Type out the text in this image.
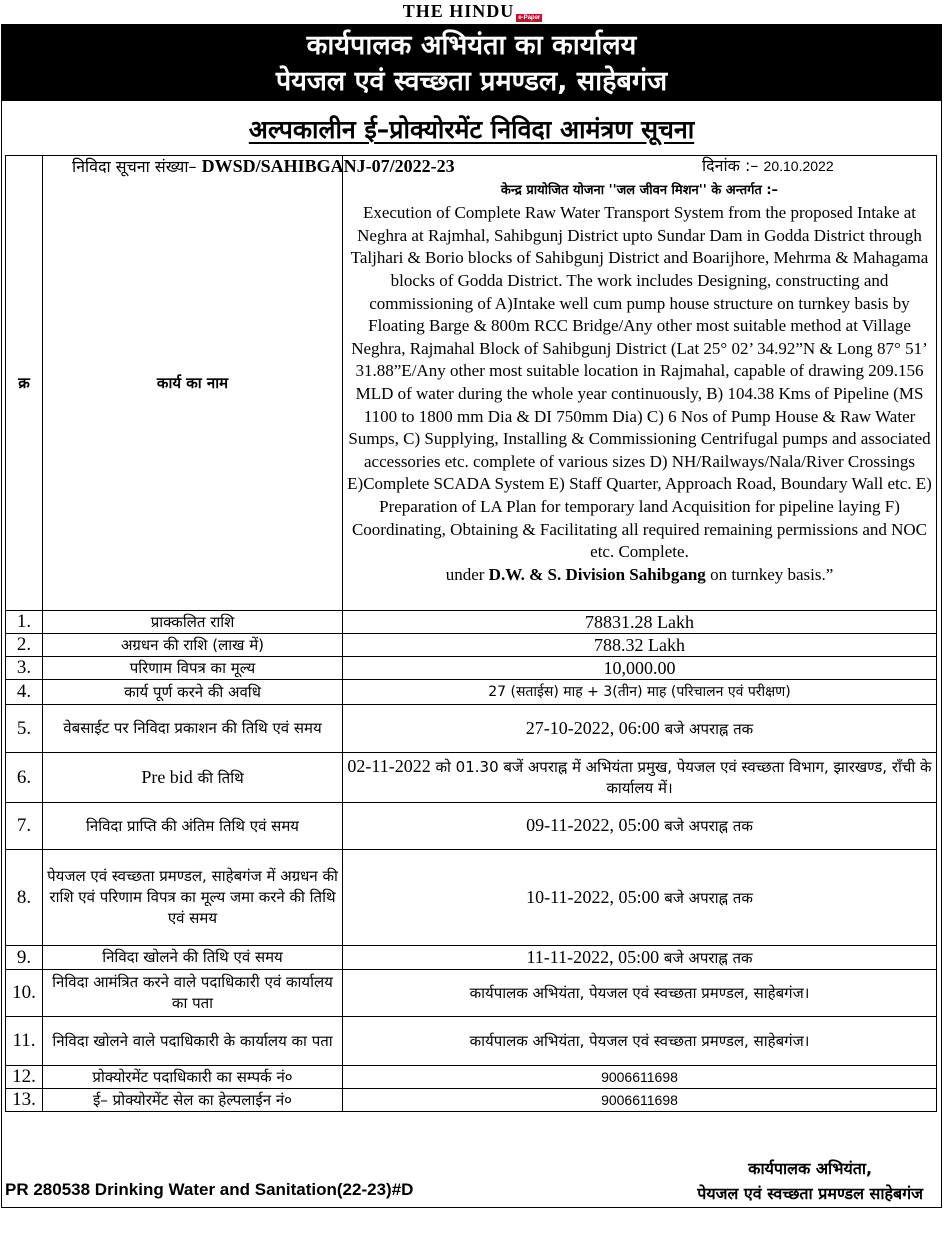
THE HINDU e-Paper
कार्यपालक अभियंता का कार्यालय
पेयजल एवं स्वच्छता प्रमण्डल, साहेबगंज
अल्पकालीन ई–प्रोक्योरमेंट निविदा आमंत्रण सूचना
निविदा सूचना संख्या– DWSD/SAHIBGANJ-07/2022-23	दिनांक :– 20.10.2022
क्र	कार्य का नाम	केन्द्र प्रायोजित योजना ''जल जीवन मिशन'' के अन्तर्गत :–
Execution of Complete Raw Water Transport System from the proposed Intake at Neghra at Rajmhal, Sahibgunj District upto Sundar Dam in Godda District through Taljhari & Borio blocks of Sahibgunj District and Boarijhore, Mehrma & Mahagama blocks of Godda District. The work includes Designing, constructing and commissioning of A)Intake well cum pump house structure on turnkey basis by Floating Barge & 800m RCC Bridge/Any other most suitable method at Village Neghra, Rajmahal Block of Sahibgunj District (Lat 25° 02’ 34.92”N & Long 87° 51’ 31.88”E/Any other most suitable location in Rajmahal, capable of drawing 209.156 MLD of water during the whole year continuously, B) 104.38 Kms of Pipeline (MS 1100 to 1800 mm Dia & DI 750mm Dia) C) 6 Nos of Pump House & Raw Water Sumps, C) Supplying, Installing & Commissioning Centrifugal pumps and associated accessories etc. complete of various sizes D) NH/Railways/Nala/River Crossings E)Complete SCADA System E) Staff Quarter, Approach Road, Boundary Wall etc. E) Preparation of LA Plan for temporary land Acquisition for pipeline laying F) Coordinating, Obtaining & Facilitating all required remaining permissions and NOC etc. Complete.
under D.W. & S. Division Sahibgang on turnkey basis.”

1.	प्राक्कलित राशि	78831.28 Lakh
2.	अग्रधन की राशि (लाख में)	788.32 Lakh
3.	परिणाम विपत्र का मूल्य	10,000.00
4.	कार्य पूर्ण करने की अवधि	27 (सताईस) माह + 3(तीन) माह (परिचालन एवं परीक्षण)
5.	वेबसाईट पर निविदा प्रकाशन की तिथि एवं समय	27-10-2022, 06:00 बजे अपराह्न तक
6.	Pre bid की तिथि	02-11-2022 को 01.30 बजें अपराह्न में अभियंता प्रमुख, पेयजल एवं स्वच्छता विभाग, झारखण्ड, राँची के कार्यालय में।
7.	निविदा प्राप्ति की अंतिम तिथि एवं समय	09-11-2022, 05:00 बजे अपराह्न तक
8.	पेयजल एवं स्वच्छता प्रमण्डल, साहेबगंज में अग्रधन की राशि एवं परिणाम विपत्र का मूल्य जमा करने की तिथि एवं समय	10-11-2022, 05:00 बजे अपराह्न तक
9.	निविदा खोलने की तिथि एवं समय	11-11-2022, 05:00 बजे अपराह्न तक
10.	निविदा आमंत्रित करने वाले पदाधिकारी एवं कार्यालय का पता	कार्यपालक अभियंता, पेयजल एवं स्वच्छता प्रमण्डल, साहेबगंज।
11.	निविदा खोलने वाले पदाधिकारी के कार्यालय का पता	कार्यपालक अभियंता, पेयजल एवं स्वच्छता प्रमण्डल, साहेबगंज।
12.	प्रोक्योरमेंट पदाधिकारी का सम्पर्क नं०	9006611698
13.	ई– प्रोक्योरमेंट सेल का हेल्पलाईन नं०	9006611698
PR 280538 Drinking Water and Sanitation(22-23)#D
कार्यपालक अभियंता,
पेयजल एवं स्वच्छता प्रमण्डल साहेबगंज
